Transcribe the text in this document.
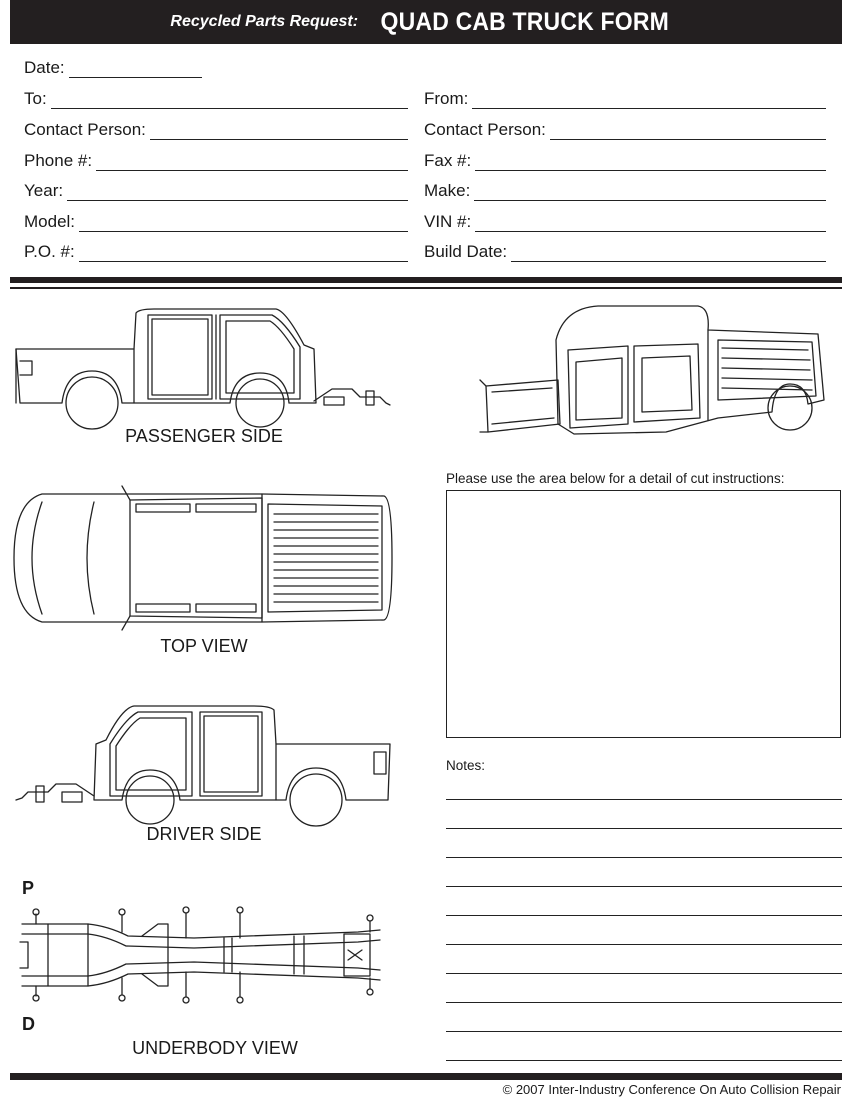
Recycled Parts Request: QUAD CAB TRUCK FORM
Date:
To:	From:
Contact Person:	Contact Person:
Phone #:	Fax #:
Year:	Make:
Model:	VIN #:
P.O. #:	Build Date:
PASSENGER SIDE
TOP VIEW
DRIVER SIDE
P
D
UNDERBODY VIEW
Please use the area below for a detail of cut instructions:
Notes:
© 2007 Inter-Industry Conference On Auto Collision Repair
